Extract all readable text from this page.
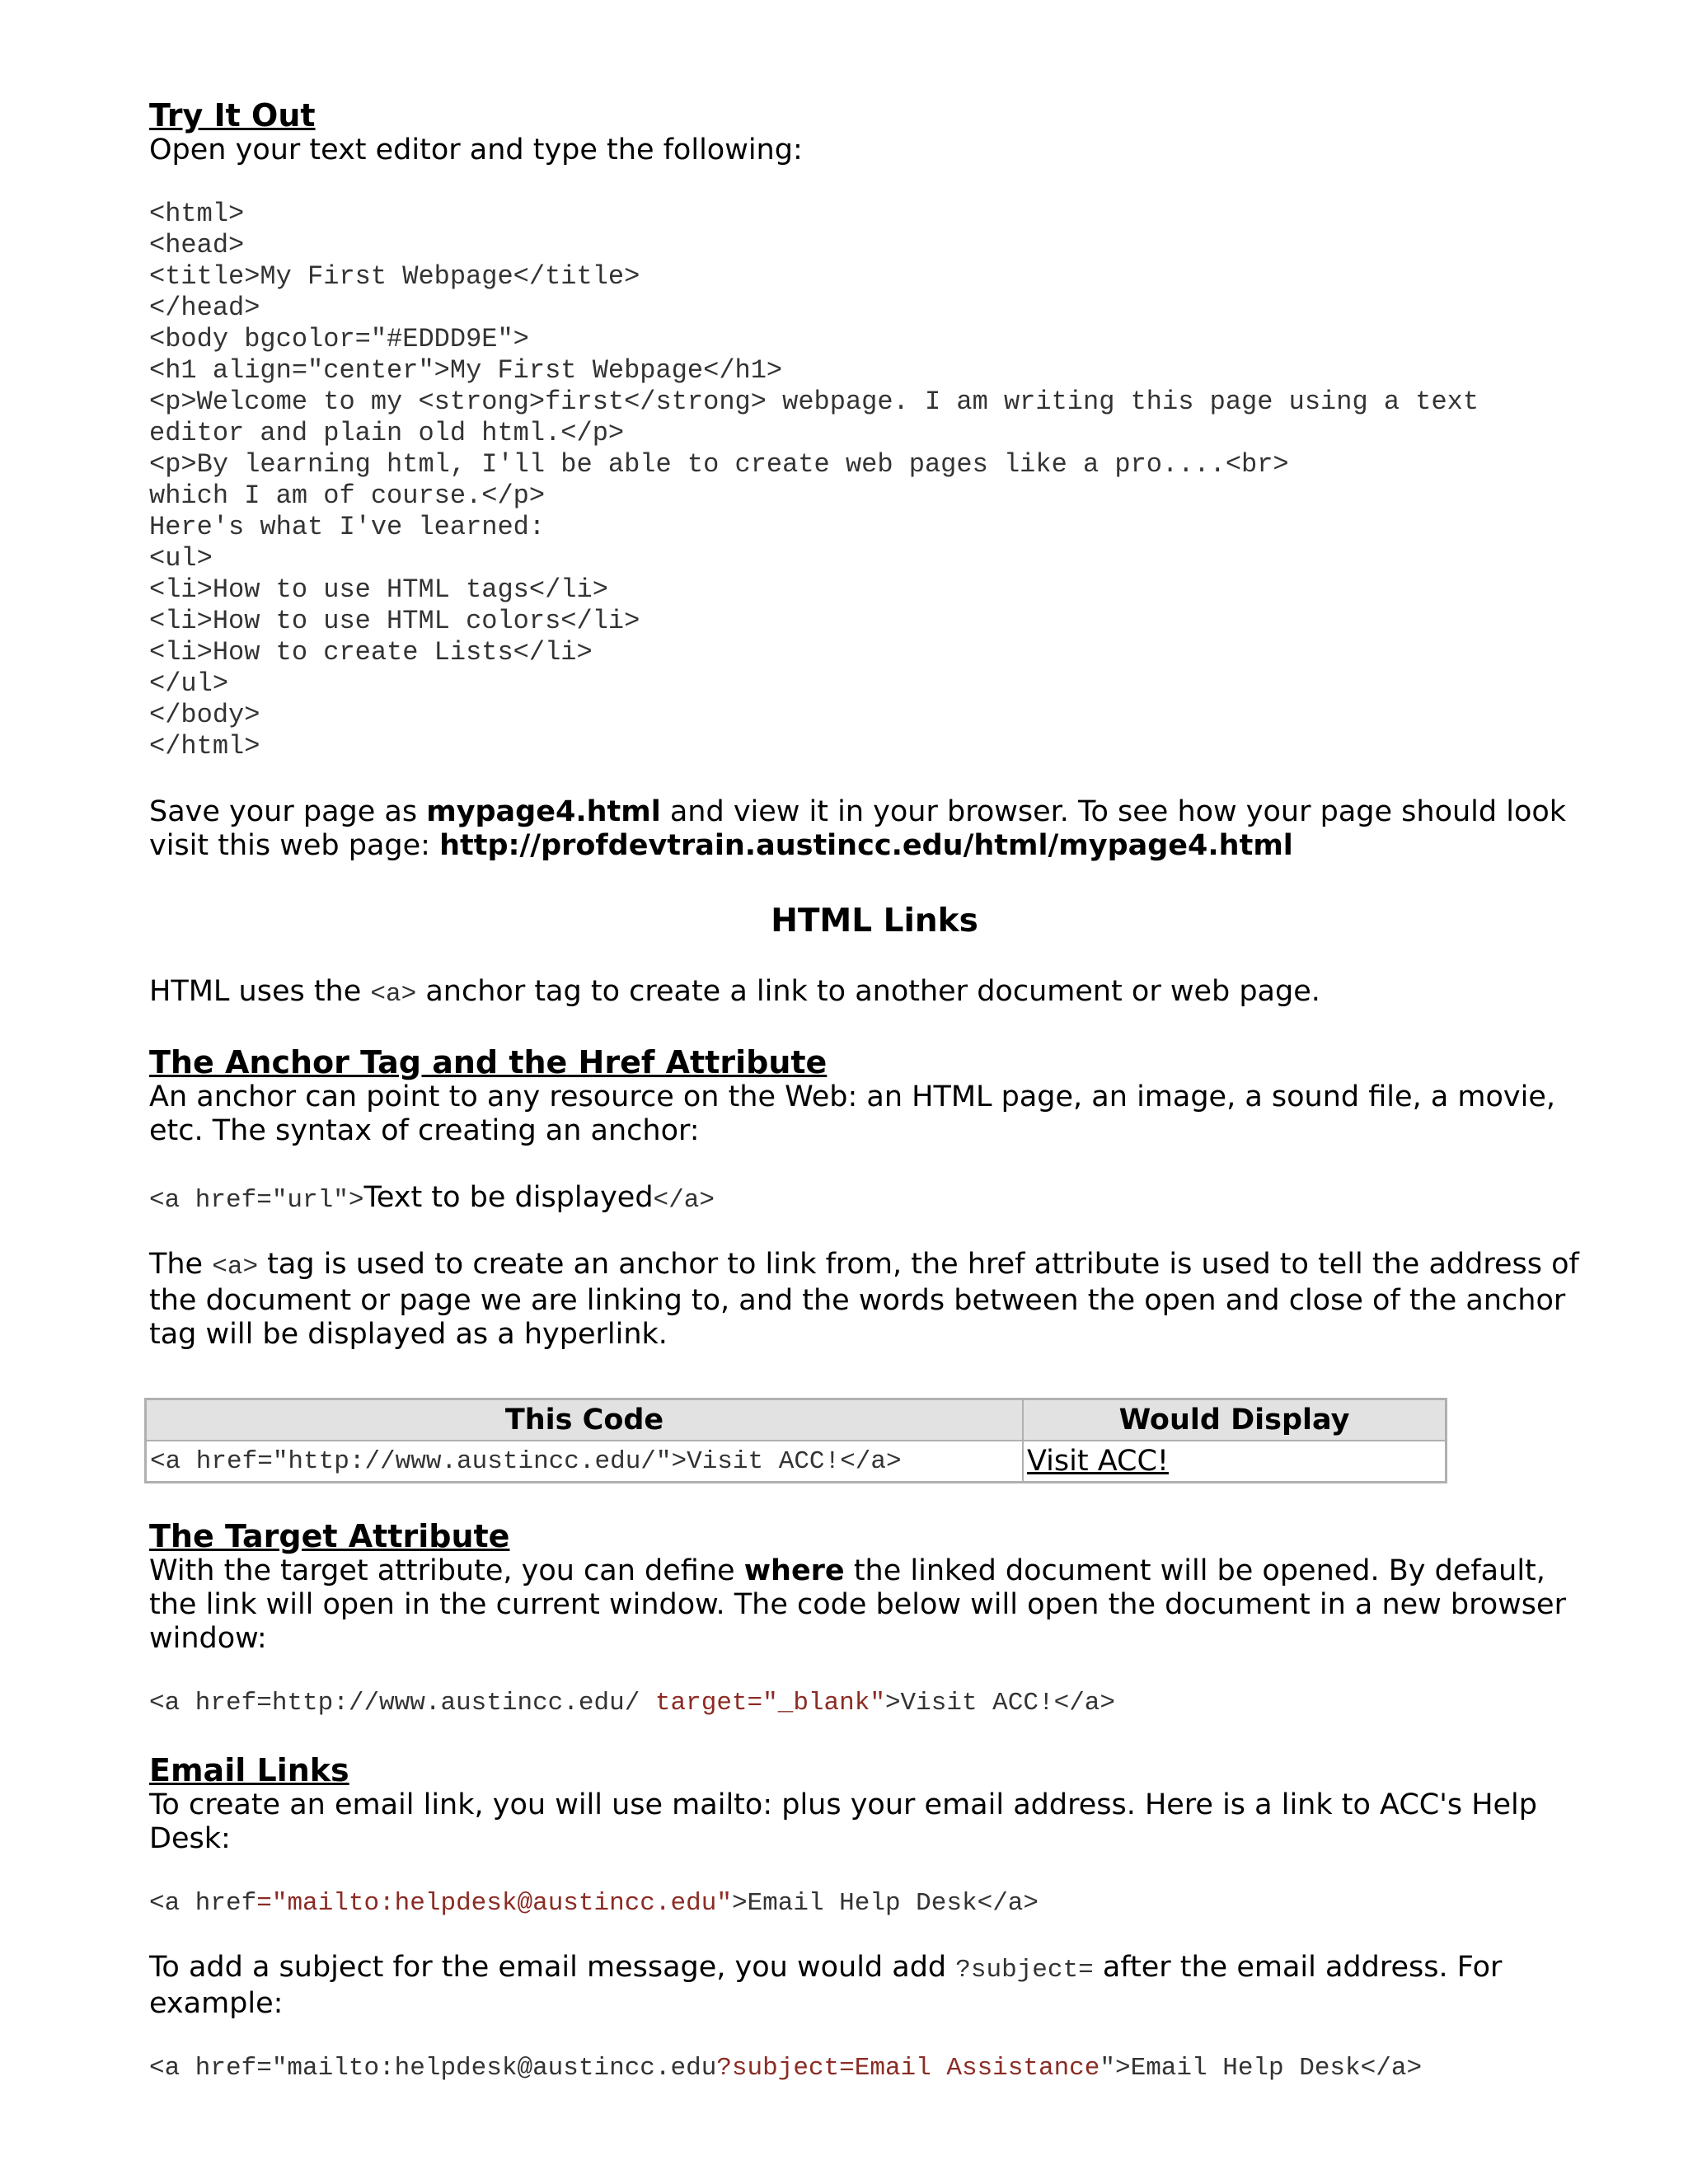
Try It Out

Open your text editor and type the following:

<html>
<head>
<title>My First Webpage</title>
</head>
<body bgcolor="#EDDD9E">
<h1 align="center">My First Webpage</h1>
<p>Welcome to my <strong>first</strong> webpage. I am writing this page using a text
editor and plain old html.</p>
<p>By learning html, I'll be able to create web pages like a pro....<br>
which I am of course.</p>
Here's what I've learned:
<ul>
<li>How to use HTML tags</li>
<li>How to use HTML colors</li>
<li>How to create Lists</li>
</ul>
</body>
</html>

Save your page as mypage4.html and view it in your browser. To see how your page should look visit this web page: http://profdevtrain.austincc.edu/html/mypage4.html

HTML Links

HTML uses the <a> anchor tag to create a link to another document or web page.

The Anchor Tag and the Href Attribute

An anchor can point to any resource on the Web: an HTML page, an image, a sound file, a movie, etc. The syntax of creating an anchor:

<a href="url">Text to be displayed</a>

The <a> tag is used to create an anchor to link from, the href attribute is used to tell the address of the document or page we are linking to, and the words between the open and close of the anchor tag will be displayed as a hyperlink.

This Code	Would Display
<a href="http://www.austincc.edu/">Visit ACC!</a>	Visit ACC!
The Target Attribute

With the target attribute, you can define where the linked document will be opened. By default, the link will open in the current window. The code below will open the document in a new browser window:

<a href=http://www.austincc.edu/ target="_blank">Visit ACC!</a>

Email Links

To create an email link, you will use mailto: plus your email address. Here is a link to ACC's Help Desk:

<a href="mailto:helpdesk@austincc.edu">Email Help Desk</a>

To add a subject for the email message, you would add ?subject= after the email address. For example:

<a href="mailto:helpdesk@austincc.edu?subject=Email Assistance">Email Help Desk</a>
